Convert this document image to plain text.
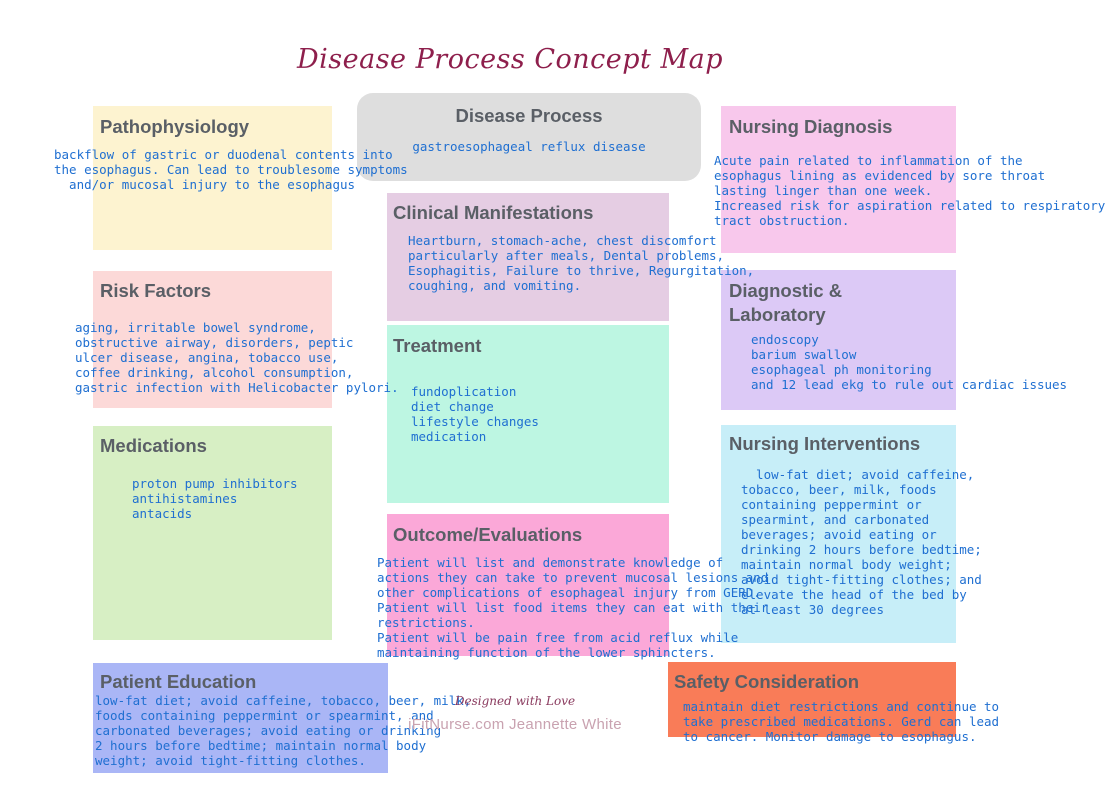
Disease Process Concept Map
Pathophysiology
backflow of gastric or duodenal contents into
the esophagus. Can lead to troublesome symptoms
and/or mucosal injury to the esophagus
Disease Process
gastroesophageal reflux disease
Nursing Diagnosis
Acute pain related to inflammation of the
esophagus lining as evidenced by sore throat
lasting linger than one week.
Increased risk for aspiration related to respiratory
tract obstruction.
Clinical Manifestations
Heartburn, stomach-ache, chest discomfort
particularly after meals, Dental problems,
Esophagitis, Failure to thrive, Regurgitation,
coughing, and vomiting.
Risk Factors
aging, irritable bowel syndrome,
obstructive airway, disorders, peptic
ulcer disease, angina, tobacco use,
coffee drinking, alcohol consumption,
gastric infection with Helicobacter pylori.
Diagnostic &
Laboratory
endoscopy
barium swallow
esophageal ph monitoring
and 12 lead ekg to rule out cardiac issues
Treatment
fundoplication
diet change
lifestyle changes
medication
Medications
proton pump inhibitors
antihistamines
antacids
Nursing Interventions
low-fat diet; avoid caffeine,
tobacco, beer, milk, foods
containing peppermint or
spearmint, and carbonated
beverages; avoid eating or
drinking 2 hours before bedtime;
maintain normal body weight;
avoid tight-fitting clothes; and
elevate the head of the bed by
at least 30 degrees
Outcome/Evaluations
Patient will list and demonstrate knowledge of
actions they can take to prevent mucosal lesions and
other complications of esophageal injury from GERD.
Patient will list food items they can eat with their
restrictions.
Patient will be pain free from acid reflux while
maintaining function of the lower sphincters.
Patient Education
low-fat diet; avoid caffeine, tobacco, beer, milk,
foods containing peppermint or spearmint, and
carbonated beverages; avoid eating or drinking
2 hours before bedtime; maintain normal body
weight; avoid tight-fitting clothes.
Safety Consideration
maintain diet restrictions and continue to
take prescribed medications. Gerd can lead
to cancer. Monitor damage to esophagus.
Designed with Love
iFitNurse.com Jeannette White
